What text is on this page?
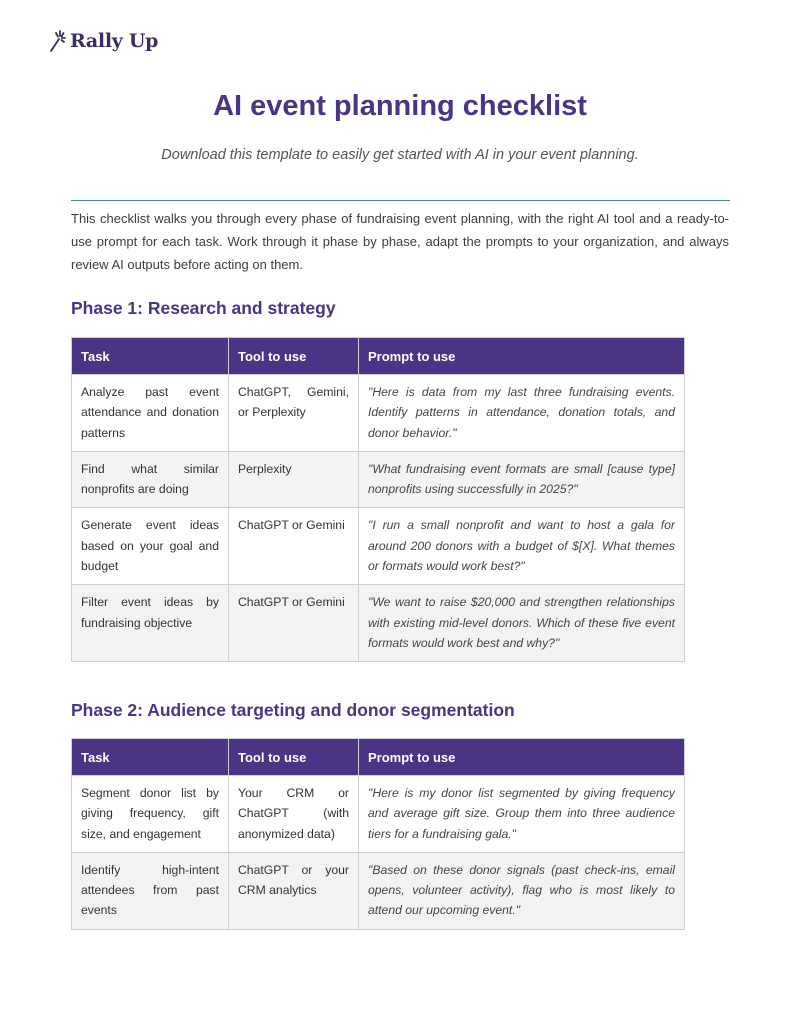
Rally Up
AI event planning checklist

Download this template to easily get started with AI in your event planning.

This checklist walks you through every phase of fundraising event planning, with the right AI tool and a ready-to-use prompt for each task. Work through it phase by phase, adapt the prompts to your organization, and always review AI outputs before acting on them.

Phase 1: Research and strategy
Task	Tool to use	Prompt to use
Analyze past event attendance and donation patterns	ChatGPT, Gemini, or Perplexity	"Here is data from my last three fundraising events. Identify patterns in attendance, donation totals, and donor behavior."
Find what similar nonprofits are doing	Perplexity	"What fundraising event formats are small [cause type] nonprofits using successfully in 2025?"
Generate event ideas based on your goal and budget	ChatGPT or Gemini	"I run a small nonprofit and want to host a gala for around 200 donors with a budget of $[X]. What themes or formats would work best?"
Filter event ideas by fundraising objective	ChatGPT or Gemini	"We want to raise $20,000 and strengthen relationships with existing mid-level donors. Which of these five event formats would work best and why?"
Phase 2: Audience targeting and donor segmentation
Task	Tool to use	Prompt to use
Segment donor list by giving frequency, gift size, and engagement	Your CRM or ChatGPT (with anonymized data)	"Here is my donor list segmented by giving frequency and average gift size. Group them into three audience tiers for a fundraising gala."
Identify high-intent attendees from past events	ChatGPT or your CRM analytics	"Based on these donor signals (past check-ins, email opens, volunteer activity), flag who is most likely to attend our upcoming event."
